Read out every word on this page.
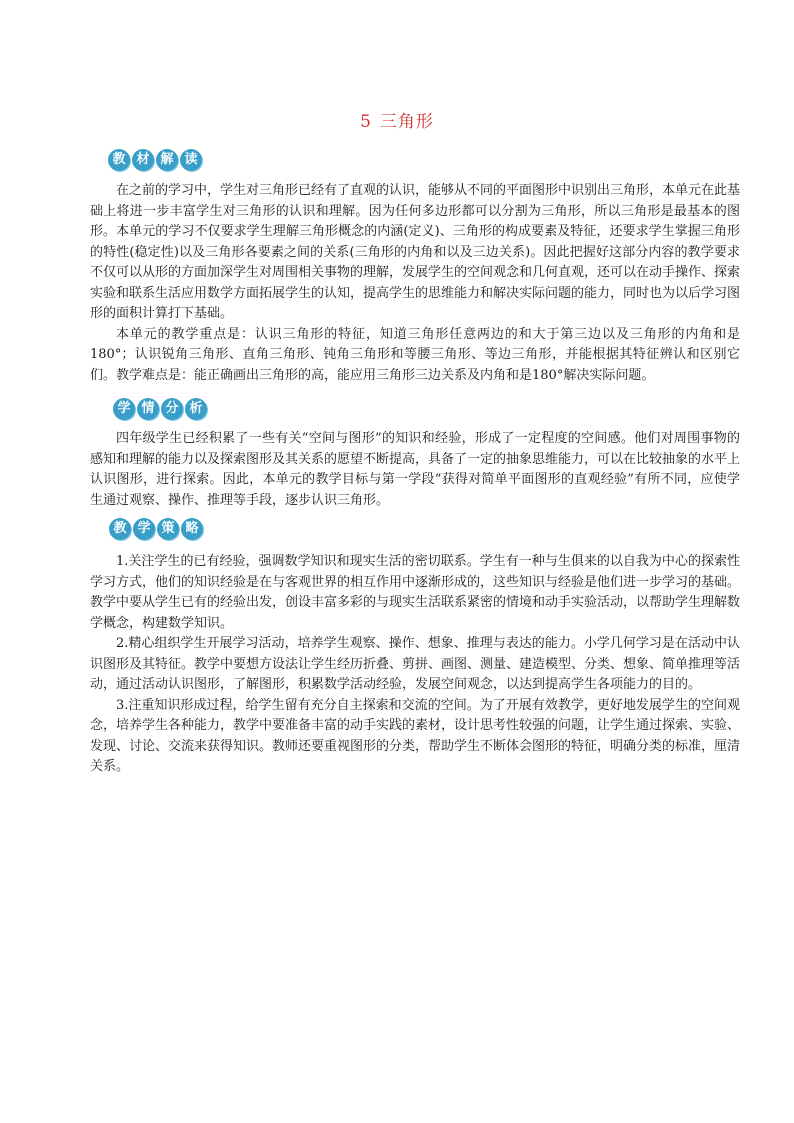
5 三角形
教 材 解 读

在之前的学习中，学生对三角形已经有了直观的认识，能够从不同的平面图形中识别出三角形，本单元在此基础上将进一步丰富学生对三角形的认识和理解。因为任何多边形都可以分割为三角形，所以三角形是最基本的图形。本单元的学习不仅要求学生理解三角形概念的内涵(定义)、三角形的构成要素及特征，还要求学生掌握三角形的特性(稳定性)以及三角形各要素之间的关系(三角形的内角和以及三边关系)。因此把握好这部分内容的教学要求不仅可以从形的方面加深学生对周围相关事物的理解，发展学生的空间观念和几何直观，还可以在动手操作、探索实验和联系生活应用数学方面拓展学生的认知，提高学生的思维能力和解决实际问题的能力，同时也为以后学习图形的面积计算打下基础。

本单元的教学重点是：认识三角形的特征，知道三角形任意两边的和大于第三边以及三角形的内角和是180°；认识锐角三角形、直角三角形、钝角三角形和等腰三角形、等边三角形，并能根据其特征辨认和区别它们。教学难点是：能正确画出三角形的高，能应用三角形三边关系及内角和是180°解决实际问题。

学 情 分 析

四年级学生已经积累了一些有关“空间与图形”的知识和经验，形成了一定程度的空间感。他们对周围事物的感知和理解的能力以及探索图形及其关系的愿望不断提高，具备了一定的抽象思维能力，可以在比较抽象的水平上认识图形，进行探索。因此，本单元的教学目标与第一学段“获得对简单平面图形的直观经验”有所不同，应使学生通过观察、操作、推理等手段，逐步认识三角形。

教 学 策 略

1.关注学生的已有经验，强调数学知识和现实生活的密切联系。学生有一种与生俱来的以自我为中心的探索性学习方式，他们的知识经验是在与客观世界的相互作用中逐渐形成的，这些知识与经验是他们进一步学习的基础。教学中要从学生已有的经验出发，创设丰富多彩的与现实生活联系紧密的情境和动手实验活动，以帮助学生理解数学概念，构建数学知识。

2.精心组织学生开展学习活动，培养学生观察、操作、想象、推理与表达的能力。小学几何学习是在活动中认识图形及其特征。教学中要想方设法让学生经历折叠、剪拼、画图、测量、建造模型、分类、想象、简单推理等活动，通过活动认识图形，了解图形，积累数学活动经验，发展空间观念，以达到提高学生各项能力的目的。

3.注重知识形成过程，给学生留有充分自主探索和交流的空间。为了开展有效教学，更好地发展学生的空间观念，培养学生各种能力，教学中要准备丰富的动手实践的素材，设计思考性较强的问题，让学生通过探索、实验、发现、讨论、交流来获得知识。教师还要重视图形的分类，帮助学生不断体会图形的特征，明确分类的标准，厘清关系。
